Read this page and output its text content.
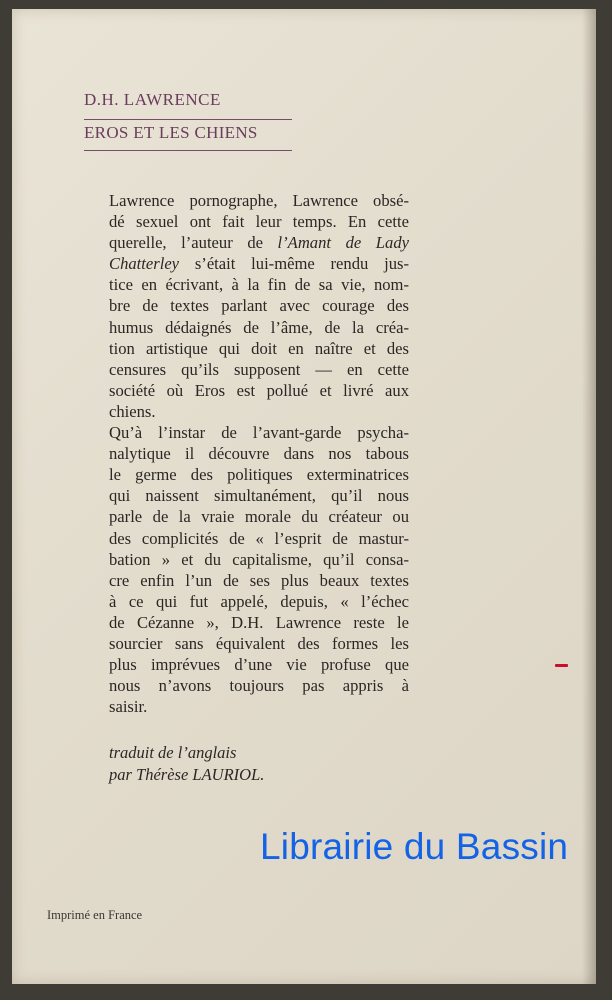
D.H. LAWRENCE
EROS ET LES CHIENS
Lawrence pornographe, Lawrence obsé-
dé sexuel ont fait leur temps. En cette
querelle, l’auteur de l’Amant de Lady
Chatterley s’était lui-même rendu jus-
tice en écrivant, à la fin de sa vie, nom-
bre de textes parlant avec courage des
humus dédaignés de l’âme, de la créa-
tion artistique qui doit en naître et des
censures qu’ils supposent — en cette
société où Eros est pollué et livré aux
chiens.
Qu’à l’instar de l’avant-garde psycha-
nalytique il découvre dans nos tabous
le germe des politiques exterminatrices
qui naissent simultanément, qu’il nous
parle de la vraie morale du créateur ou
des complicités de « l’esprit de mastur-
bation » et du capitalisme, qu’il consa-
cre enfin l’un de ses plus beaux textes
à ce qui fut appelé, depuis, « l’échec
de Cézanne », D.H. Lawrence reste le
sourcier sans équivalent des formes les
plus imprévues d’une vie profuse que
nous n’avons toujours pas appris à
saisir.
traduit de l’anglais
par Thérèse LAURIOL.
Librairie du Bassin
Imprimé en France
